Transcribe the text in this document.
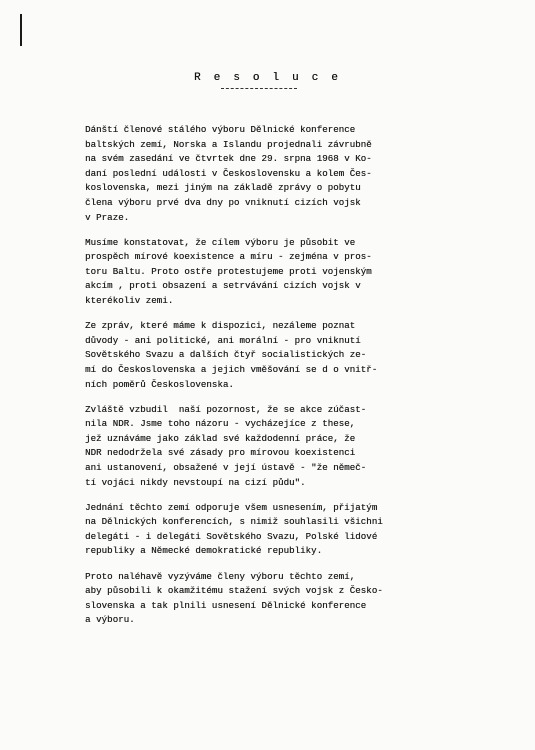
R e s o l u c e
Dánští členové stálého výboru Dělnické konference
baltských zemí, Norska a Islandu projednali závrubně
na svém zasedání ve čtvrtek dne 29. srpna 1968 v Ko-
daní poslední události v Československu a kolem Čes-
koslovenska, mezi jiným na základě zprávy o pobytu
člena výboru prvé dva dny po vniknutí cizích vojsk
v Praze.
Musíme konstatovat, že cílem výboru je působit ve
prospěch mírové koexistence a míru - zejména v pros-
toru Baltu. Proto ostře protestujeme proti vojenským
akcím , proti obsazení a setrvávání cizích vojsk v
kterékoliv zemi.
Ze zpráv, které máme k dispozici, nezáleme poznat
důvody - ani politické, ani morální - pro vniknutí
Sovětského Svazu a dalších čtyř socialistických ze-
mí do Československa a jejich vměšování se d o vnitř-
ních poměrů Československa.
Zvláště vzbudil  naší pozornost, že se akce zúčast-
nila NDR. Jsme toho názoru - vycházejíce z these,
jež uznáváme jako základ své každodenní práce, že
NDR nedodržela své zásady pro mírovou koexistenci
ani ustanovení, obsažené v její ústavě - "že němeč-
tí vojáci nikdy nevstoupí na cizí půdu".
Jednání těchto zemí odporuje všem usnesením, přijatým
na Dělnických konferencích, s nimiž souhlasili všichni
delegáti - i delegáti Sovětského Svazu, Polské lidové
republiky a Německé demokratické republiky.
Proto naléhavě vyzýváme členy výboru těchto zemí,
aby působili k okamžitému stažení svých vojsk z Česko-
slovenska a tak plnili usnesení Dělnické konference
a výboru.
